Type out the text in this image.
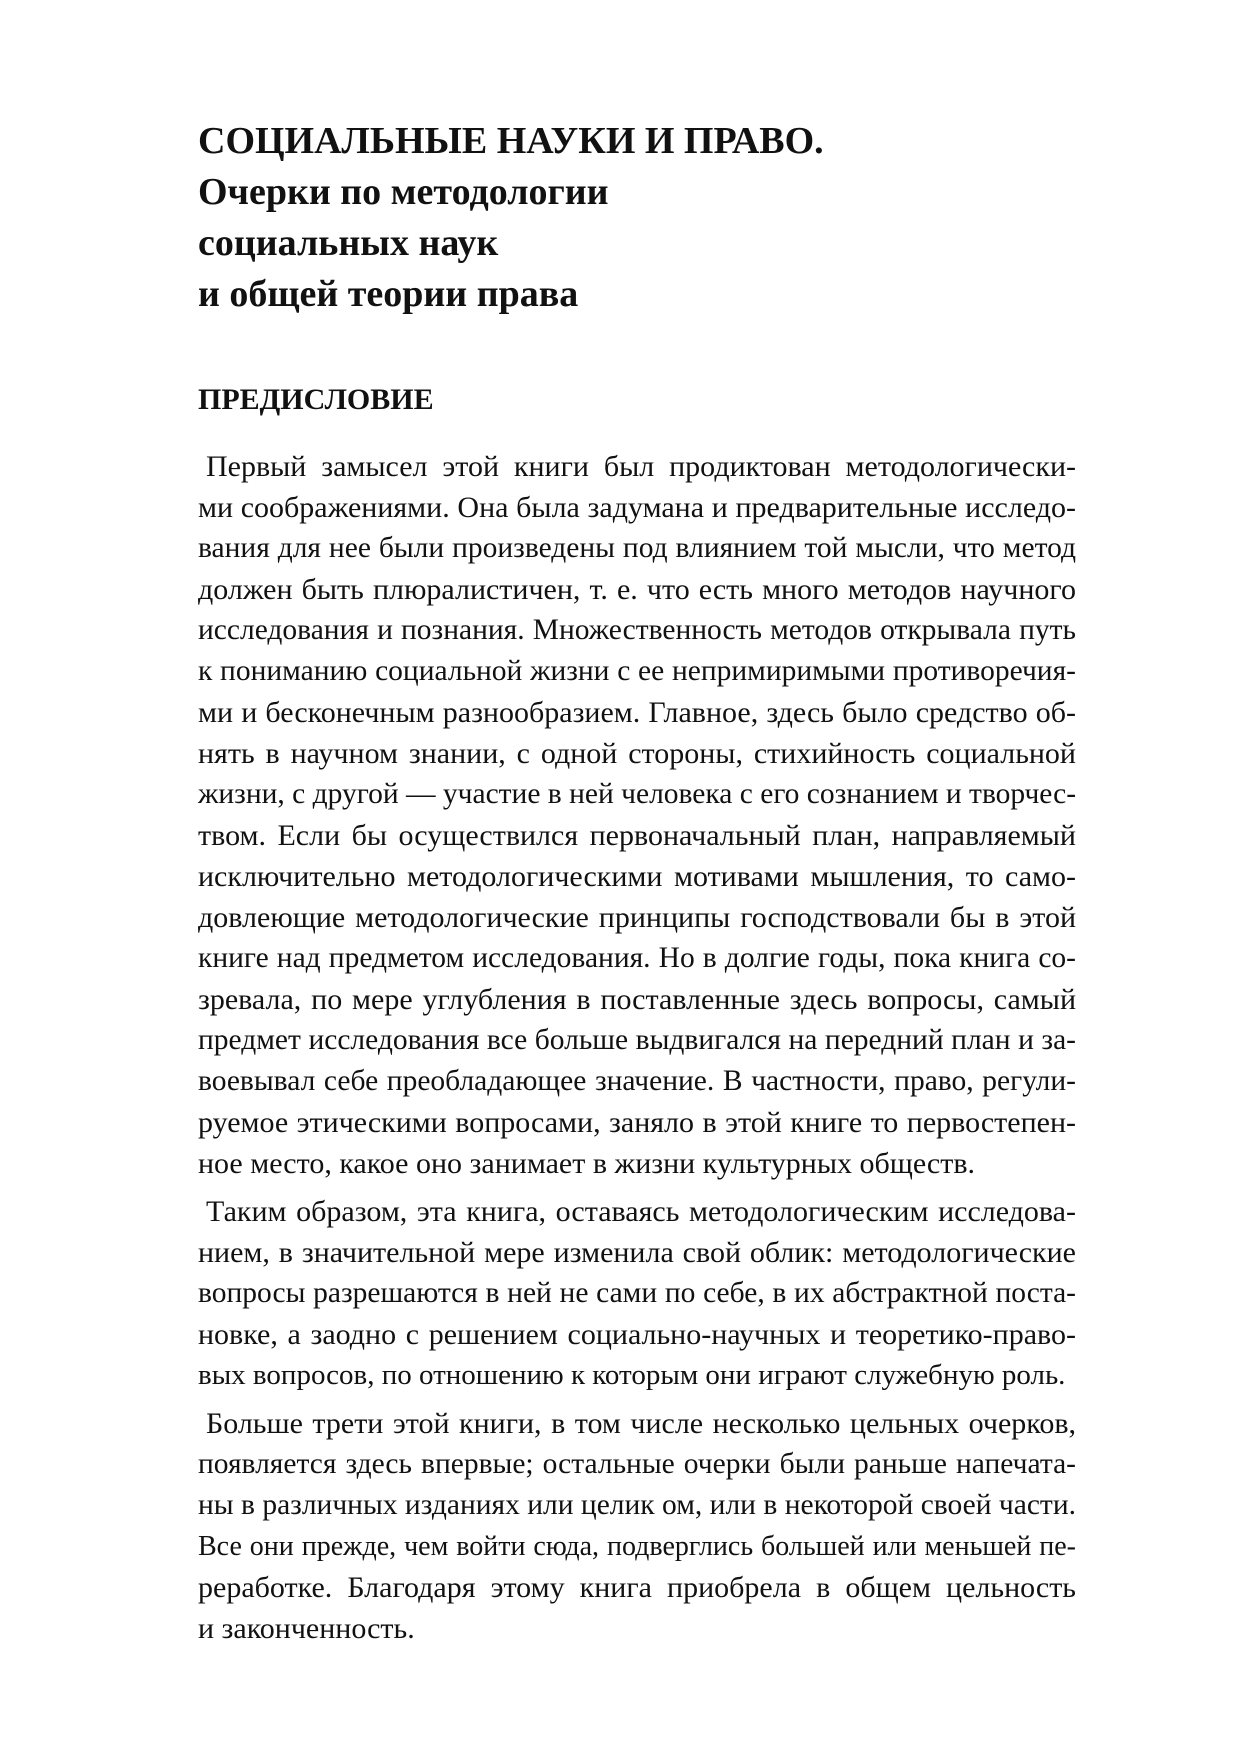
СОЦИАЛЬНЫЕ НАУКИ И ПРАВО.

Очерки по методологии

социальных наук

и общей теории права

ПРЕДИСЛОВИЕ
Первый замысел этой книги был продиктован методологически-
ми соображениями. Она была задумана и предварительные исследо-
вания для нее были произведены под влиянием той мысли, что метод
должен быть плюралистичен, т. е. что есть много методов научного
исследования и познания. Множественность методов открывала путь
к пониманию социальной жизни с ее непримиримыми противоречия-
ми и бесконечным разнообразием. Главное, здесь было средство об-
нять в научном знании, с одной стороны, стихийность социальной
жизни, с другой — участие в ней человека с его сознанием и творчес-
твом. Если бы осуществился первоначальный план, направляемый
исключительно методологическими мотивами мышления, то само-
довлеющие методологические принципы господствовали бы в этой
книге над предметом исследования. Но в долгие годы, пока книга со-
зревала, по мере углубления в поставленные здесь вопросы, самый
предмет исследования все больше выдвигался на передний план и за-
воевывал себе преобладающее значение. В частности, право, регули-
руемое этическими вопросами, заняло в этой книге то первостепен-
ное место, какое оно занимает в жизни культурных обществ.
Таким образом, эта книга, оставаясь методологическим исследова-
нием, в значительной мере изменила свой облик: методологические
вопросы разрешаются в ней не сами по себе, в их абстрактной поста-
новке, а заодно с решением социально-научных и теоретико-право-
вых вопросов, по отношению к которым они играют служебную роль.
Больше трети этой книги, в том числе несколько цельных очерков,
появляется здесь впервые; остальные очерки были раньше напечата-
ны в различных изданиях или целик ом, или в некоторой своей части.
Все они прежде, чем войти сюда, подверглись большей или меньшей пе-
реработке. Благодаря этому книга приобрела в общем цельность
и законченность.
